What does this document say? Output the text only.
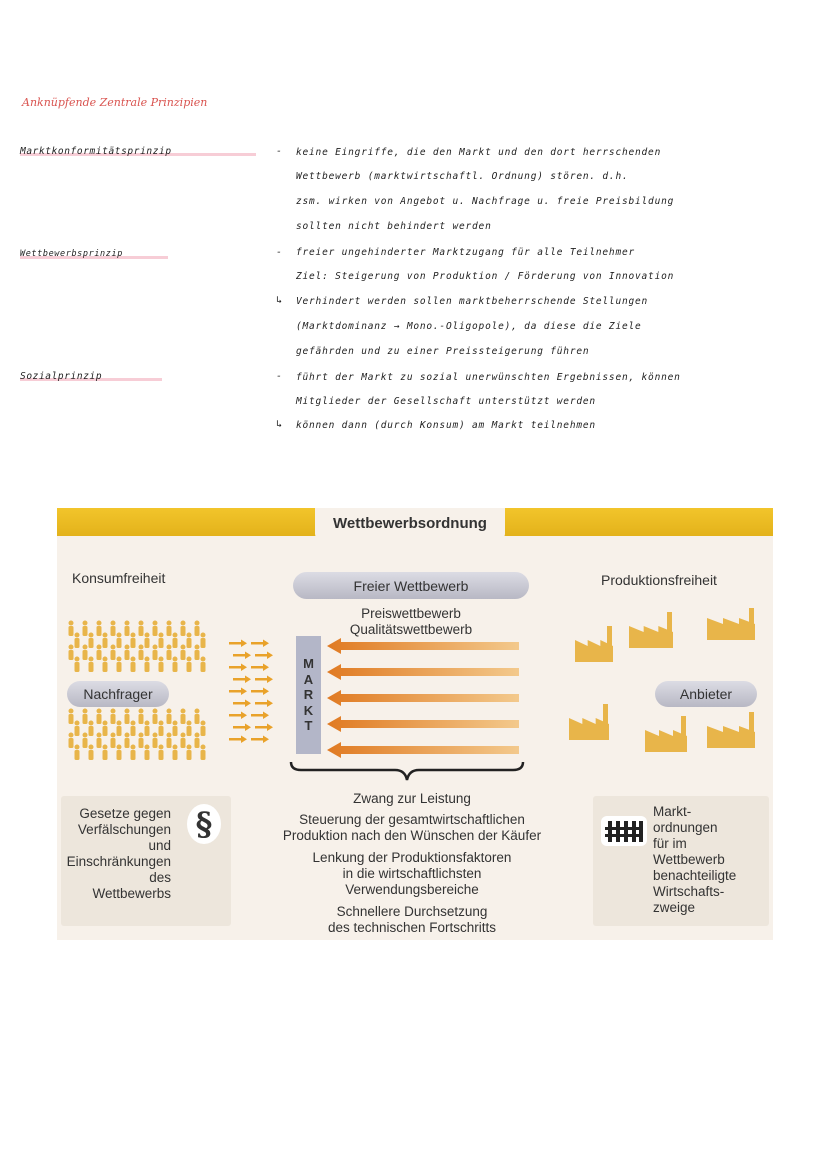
Anknüpfende Zentrale Prinzipien
Marktkonformitätsprinzip	- keine Eingriffe, die den Markt und den dort herrschenden
Wettbewerb (marktwirtschaftl. Ordnung) stören. d.h.
zsm. wirken von Angebot u. Nachfrage u. freie Preisbildung
sollten nicht behindert werden
Wettbewerbsprinzip	- freier ungehinderter Marktzugang für alle Teilnehmer
Ziel: Steigerung von Produktion / Förderung von Innovation
↳ Verhindert werden sollen marktbeherrschende Stellungen
(Marktdominanz → Mono.-Oligopole), da diese die Ziele
gefährden und zu einer Preissteigerung führen
Sozialprinzip	- führt der Markt zu sozial unerwünschten Ergebnissen, können
Mitglieder der Gesellschaft unterstützt werden
↳ können dann (durch Konsum) am Markt teilnehmen
Wettbewerbsordnung
Konsumfreiheit	Freier Wettbewerb	Produktionsfreiheit
Preiswettbewerb
Qualitätswettbewerb
Nachfrager
M
A
R
K
T
Anbieter
Zwang zur Leistung
Steuerung der gesamtwirtschaftlichen
Produktion nach den Wünschen der Käufer
Lenkung der Produktionsfaktoren
in die wirtschaftlichsten
Verwendungsbereiche
Schnellere Durchsetzung
des technischen Fortschritts
Gesetze gegen
Verfälschungen
und
Einschränkungen
des
Wettbewerbs
§	Markt-
ordnungen
für im
Wettbewerb
benachteiligte
Wirtschafts-
zweige
